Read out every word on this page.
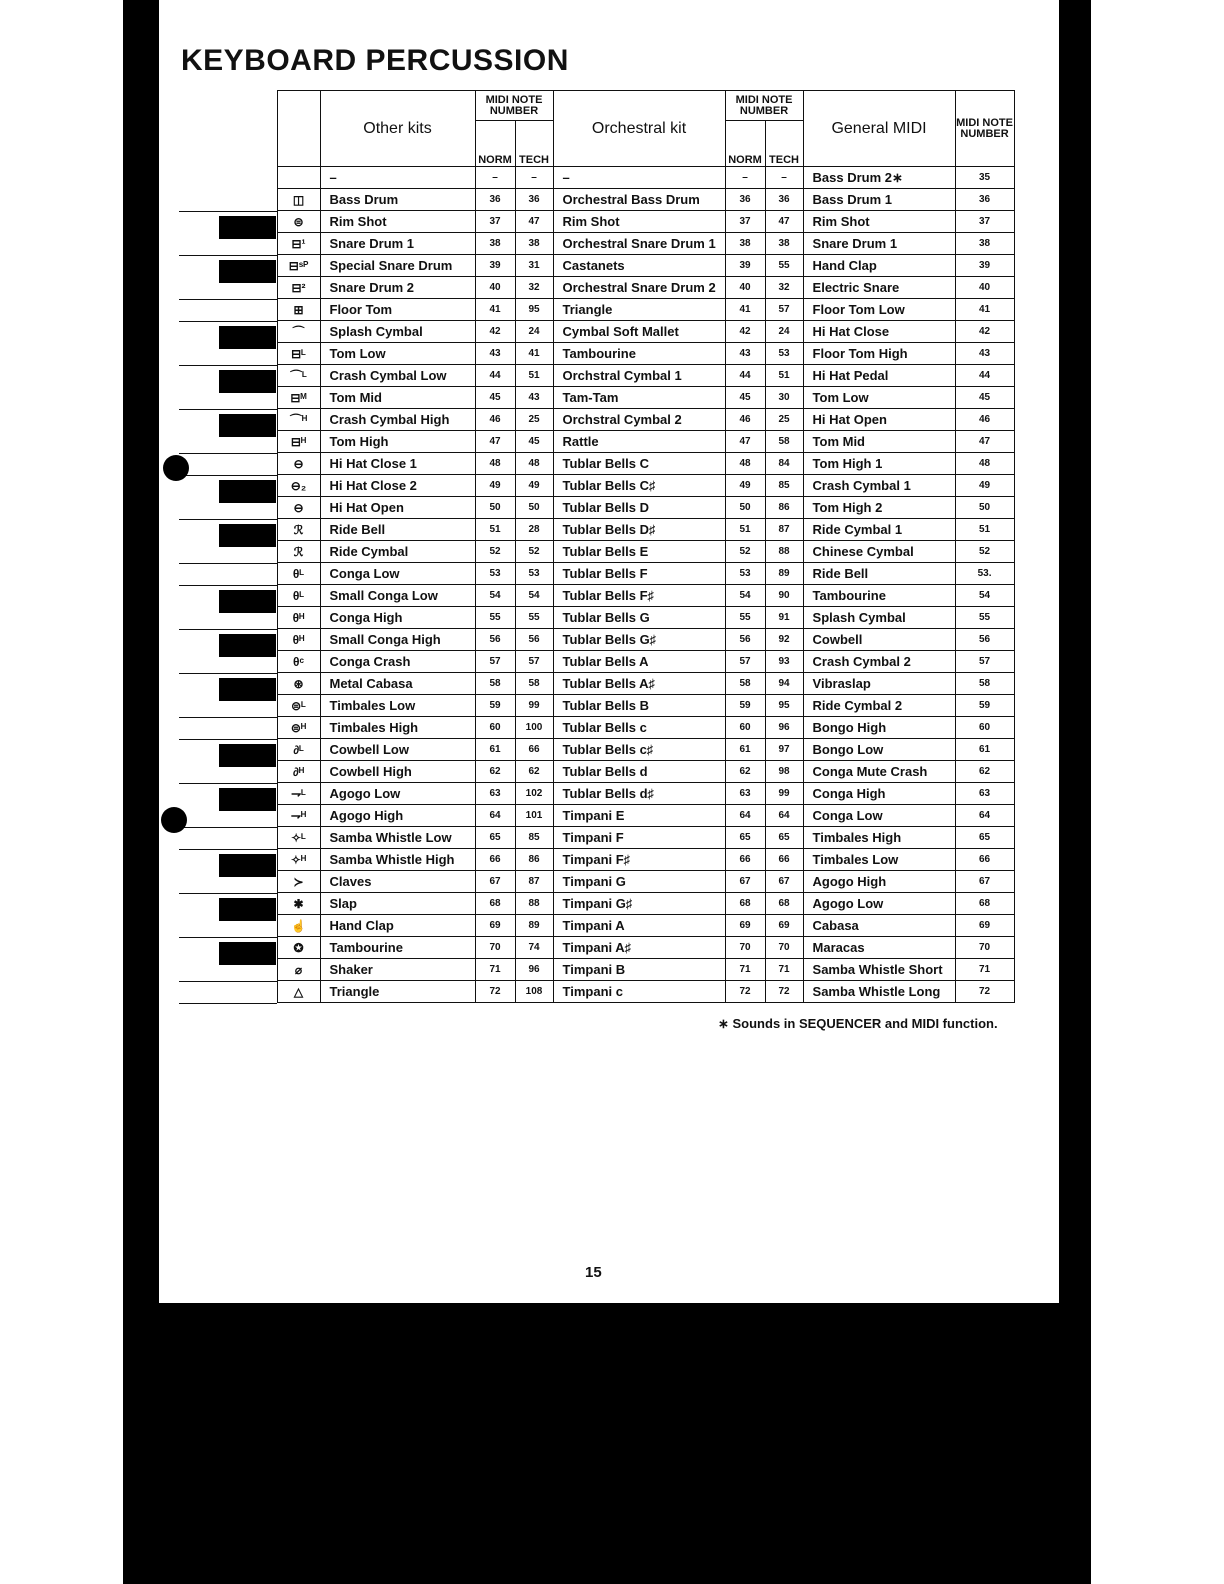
KEYBOARD PERCUSSION
		Other kits	MIDI NOTE NUMBER		Orchestral kit	MIDI NOTE NUMBER		General MIDI	MIDI NOTE NUMBER
			NORM	TECH		NORM	TECH		
		–	–	–	–	–	–	Bass Drum 2∗	35

	◫	Bass Drum	36	36	Orchestral Bass Drum	36	36	Bass Drum 1	36

	⊜	Rim Shot	37	47	Rim Shot	37	47	Rim Shot	37

	⊟¹	Snare Drum 1	38	38	Orchestral Snare Drum 1	38	38	Snare Drum 1	38

	⊟ˢᴾ	Special Snare Drum	39	31	Castanets	39	55	Hand Clap	39

	⊟²	Snare Drum 2	40	32	Orchestral Snare Drum 2	40	32	Electric Snare	40

	⊞	Floor Tom	41	95	Triangle	41	57	Floor Tom Low	41

	⌒	Splash Cymbal	42	24	Cymbal Soft Mallet	42	24	Hi Hat Close	42

	⊟ᴸ	Tom Low	43	41	Tambourine	43	53	Floor Tom High	43

	⌒ᴸ	Crash Cymbal Low	44	51	Orchstral Cymbal 1	44	51	Hi Hat Pedal	44

	⊟ᴹ	Tom Mid	45	43	Tam-Tam	45	30	Tom Low	45

	⌒ᴴ	Crash Cymbal High	46	25	Orchstral Cymbal 2	46	25	Hi Hat Open	46

	⊟ᴴ	Tom High	47	45	Rattle	47	58	Tom Mid	47

	⊖	Hi Hat Close 1	48	48	Tublar Bells C	48	84	Tom High 1	48

	⊖₂	Hi Hat Close 2	49	49	Tublar Bells C♯	49	85	Crash Cymbal 1	49

	⊖	Hi Hat Open	50	50	Tublar Bells D	50	86	Tom High 2	50

	ℛ	Ride Bell	51	28	Tublar Bells D♯	51	87	Ride Cymbal 1	51

	ℛ	Ride Cymbal	52	52	Tublar Bells E	52	88	Chinese Cymbal	52

	θᴸ	Conga Low	53	53	Tublar Bells F	53	89	Ride Bell	53.

	θᴸ	Small Conga Low	54	54	Tublar Bells F♯	54	90	Tambourine	54

	θᴴ	Conga High	55	55	Tublar Bells G	55	91	Splash Cymbal	55

	θᴴ	Small Conga High	56	56	Tublar Bells G♯	56	92	Cowbell	56

	θᶜ	Conga Crash	57	57	Tublar Bells A	57	93	Crash Cymbal 2	57

	⊛	Metal Cabasa	58	58	Tublar Bells A♯	58	94	Vibraslap	58

	⊜ᴸ	Timbales Low	59	99	Tublar Bells B	59	95	Ride Cymbal 2	59

	⊜ᴴ	Timbales High	60	100	Tublar Bells c	60	96	Bongo High	60

	∂ᴸ	Cowbell Low	61	66	Tublar Bells c♯	61	97	Bongo Low	61

	∂ᴴ	Cowbell High	62	62	Tublar Bells d	62	98	Conga Mute Crash	62

	⇁ᴸ	Agogo Low	63	102	Tublar Bells d♯	63	99	Conga High	63

	⇁ᴴ	Agogo High	64	101	Timpani E	64	64	Conga Low	64

	✧ᴸ	Samba Whistle Low	65	85	Timpani F	65	65	Timbales High	65

	✧ᴴ	Samba Whistle High	66	86	Timpani F♯	66	66	Timbales Low	66

	≻	Claves	67	87	Timpani G	67	67	Agogo High	67

	✱	Slap	68	88	Timpani G♯	68	68	Agogo Low	68

	☝	Hand Clap	69	89	Timpani A	69	69	Cabasa	69

	✪	Tambourine	70	74	Timpani A♯	70	70	Maracas	70

	⌀	Shaker	71	96	Timpani B	71	71	Samba Whistle Short	71

	△	Triangle	72	108	Timpani c	72	72	Samba Whistle Long	72
∗ Sounds in SEQUENCER and MIDI function.
15
